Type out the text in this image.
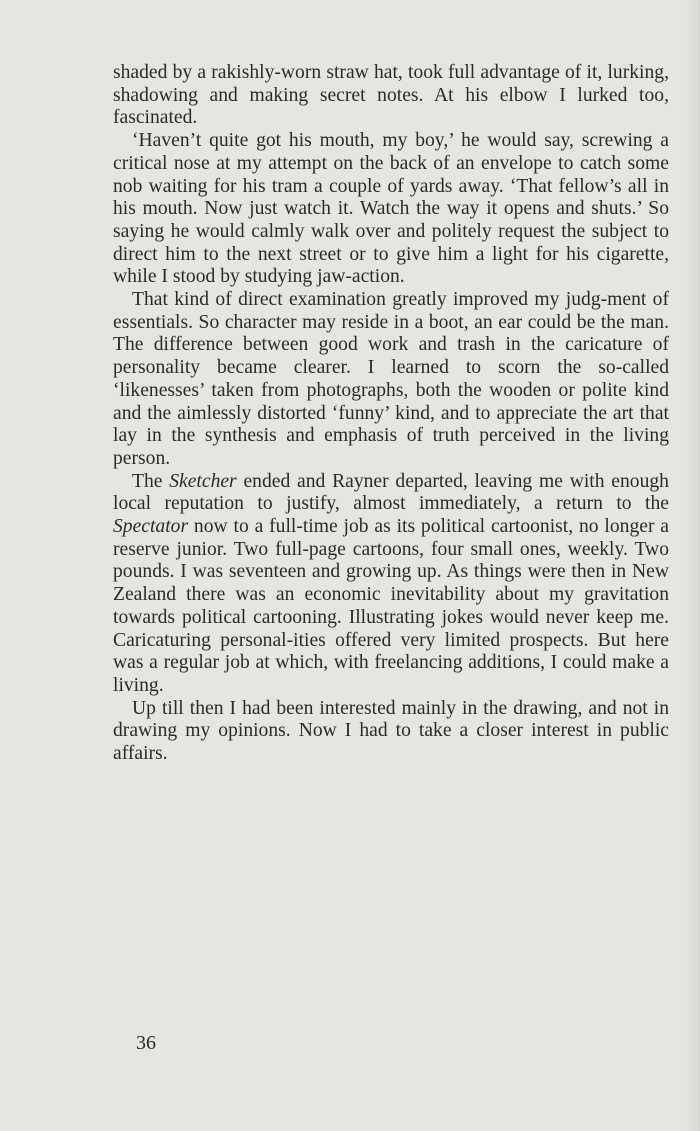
shaded by a rakishly-worn straw hat, took full advantage of it, lurking, shadowing and making secret notes. At his elbow I lurked too, fascinated.

‘Haven’t quite got his mouth, my boy,’ he would say, screwing a critical nose at my attempt on the back of an envelope to catch some nob waiting for his tram a couple of yards away. ‘That fellow’s all in his mouth. Now just watch it. Watch the way it opens and shuts.’ So saying he would calmly walk over and politely request the subject to direct him to the next street or to give him a light for his cigarette, while I stood by studying jaw-action.

That kind of direct examination greatly improved my judg-ment of essentials. So character may reside in a boot, an ear could be the man. The difference between good work and trash in the caricature of personality became clearer. I learned to scorn the so-called ‘likenesses’ taken from photographs, both the wooden or polite kind and the aimlessly distorted ‘funny’ kind, and to appreciate the art that lay in the synthesis and emphasis of truth perceived in the living person.

The Sketcher ended and Rayner departed, leaving me with enough local reputation to justify, almost immediately, a return to the Spectator now to a full-time job as its political cartoonist, no longer a reserve junior. Two full-page cartoons, four small ones, weekly. Two pounds. I was seventeen and growing up. As things were then in New Zealand there was an economic inevitability about my gravitation towards political cartooning. Illustrating jokes would never keep me. Caricaturing personal-ities offered very limited prospects. But here was a regular job at which, with freelancing additions, I could make a living.

Up till then I had been interested mainly in the drawing, and not in drawing my opinions. Now I had to take a closer interest in public affairs.

36
